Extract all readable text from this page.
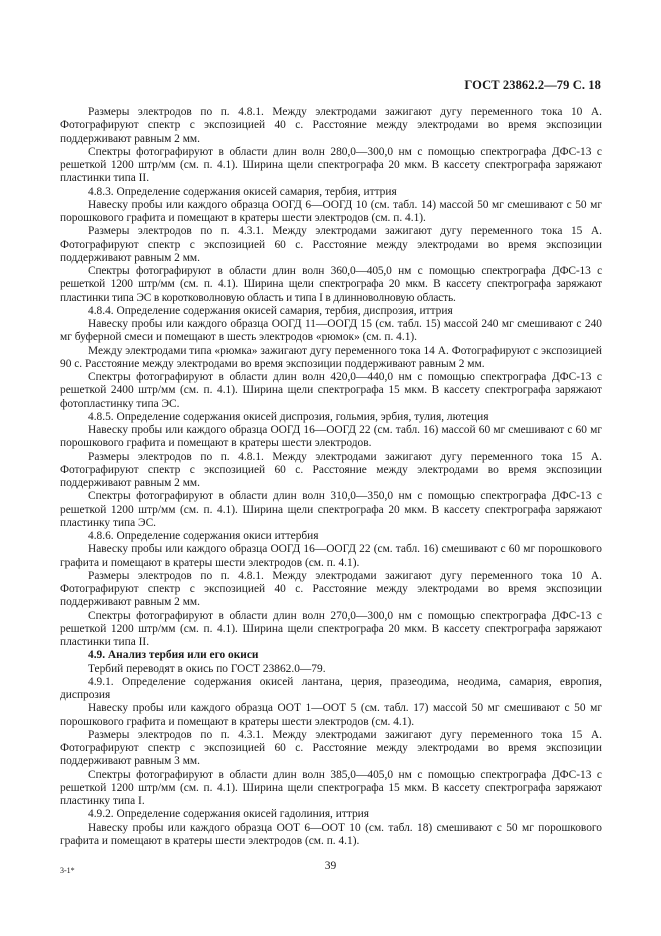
ГОСТ 23862.2—79 С. 18

Размеры электродов по п. 4.8.1. Между электродами зажигают дугу переменного тока 10 А. Фотографируют спектр с экспозицией 40 с. Расстояние между электродами во время экспозиции поддерживают равным 2 мм.

Спектры фотографируют в области длин волн 280,0—300,0 нм с помощью спектрографа ДФС-13 с решеткой 1200 штр/мм (см. п. 4.1). Ширина щели спектрографа 20 мкм. В кассету спектрографа заряжают пластинки типа II.

4.8.3. Определение содержания окисей самария, тербия, иттрия

Навеску пробы или каждого образца ООГД 6—ООГД 10 (см. табл. 14) массой 50 мг смешивают с 50 мг порошкового графита и помещают в кратеры шести электродов (см. п. 4.1).

Размеры электродов по п. 4.3.1. Между электродами зажигают дугу переменного тока 15 А. Фотографируют спектр с экспозицией 60 с. Расстояние между электродами во время экспозиции поддерживают равным 2 мм.

Спектры фотографируют в области длин волн 360,0—405,0 нм с помощью спектрографа ДФС-13 с решеткой 1200 штр/мм (см. п. 4.1). Ширина щели спектрографа 20 мкм. В кассету спектрографа заряжают пластинки типа ЭС в коротковолновую область и типа I в длинноволновую область.

4.8.4. Определение содержания окисей самария, тербия, диспрозия, иттрия

Навеску пробы или каждого образца ООГД 11—ООГД 15 (см. табл. 15) массой 240 мг смешивают с 240 мг буферной смеси и помещают в шесть электродов «рюмок» (см. п. 4.1).

Между электродами типа «рюмка» зажигают дугу переменного тока 14 А. Фотографируют с экспозицией 90 с. Расстояние между электродами во время экспозиции поддерживают равным 2 мм.

Спектры фотографируют в области длин волн 420,0—440,0 нм с помощью спектрографа ДФС-13 с решеткой 2400 штр/мм (см. п. 4.1). Ширина щели спектрографа 15 мкм. В кассету спектрографа заряжают фотопластинку типа ЭС.

4.8.5. Определение содержания окисей диспрозия, гольмия, эрбия, тулия, лютеция

Навеску пробы или каждого образца ООГД 16—ООГД 22 (см. табл. 16) массой 60 мг смешивают с 60 мг порошкового графита и помещают в кратеры шести электродов.

Размеры электродов по п. 4.8.1. Между электродами зажигают дугу переменного тока 15 А. Фотографируют спектр с экспозицией 60 с. Расстояние между электродами во время экспозиции поддерживают равным 2 мм.

Спектры фотографируют в области длин волн 310,0—350,0 нм с помощью спектрографа ДФС-13 с решеткой 1200 штр/мм (см. п. 4.1). Ширина щели спектрографа 20 мкм. В кассету спектрографа заряжают пластинку типа ЭС.

4.8.6. Определение содержания окиси иттербия

Навеску пробы или каждого образца ООГД 16—ООГД 22 (см. табл. 16) смешивают с 60 мг порошкового графита и помещают в кратеры шести электродов (см. п. 4.1).

Размеры электродов по п. 4.8.1. Между электродами зажигают дугу переменного тока 10 А. Фотографируют спектр с экспозицией 40 с. Расстояние между электродами во время экспозиции поддерживают равным 2 мм.

Спектры фотографируют в области длин волн 270,0—300,0 нм с помощью спектрографа ДФС-13 с решеткой 1200 штр/мм (см. п. 4.1). Ширина щели спектрографа 20 мкм. В кассету спектрографа заряжают пластинки типа II.

4.9. Анализ тербия или его окиси

Тербий переводят в окись по ГОСТ 23862.0—79.

4.9.1. Определение содержания окисей лантана, церия, празеодима, неодима, самария, европия, диспрозия

Навеску пробы или каждого образца ООТ 1—ООТ 5 (см. табл. 17) массой 50 мг смешивают с 50 мг порошкового графита и помещают в кратеры шести электродов (см. 4.1).

Размеры электродов по п. 4.3.1. Между электродами зажигают дугу переменного тока 15 А. Фотографируют спектр с экспозицией 60 с. Расстояние между электродами во время экспозиции поддерживают равным 3 мм.

Спектры фотографируют в области длин волн 385,0—405,0 нм с помощью спектрографа ДФС-13 с решеткой 1200 штр/мм (см. п. 4.1). Ширина щели спектрографа 15 мкм. В кассету спектрографа заряжают пластинку типа I.

4.9.2. Определение содержания окисей гадолиния, иттрия

Навеску пробы или каждого образца ООТ 6—ООТ 10 (см. табл. 18) смешивают с 50 мг порошкового графита и помещают в кратеры шести электродов (см. п. 4.1).

3-1*	39
